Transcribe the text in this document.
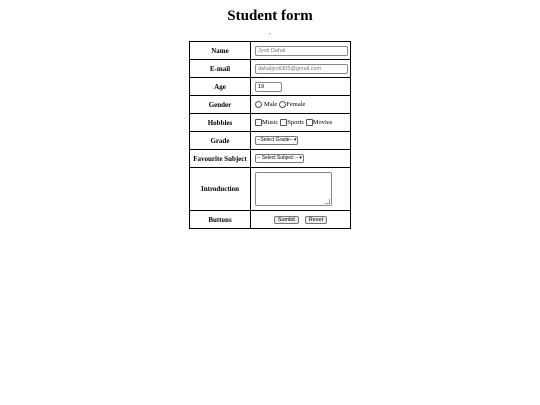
Student form
.
Name	Jyoti Dahal

E-mail	dahaljyoti305@gmail.com

Age	19

Gender	Male Female
Hobbies	Music Sports Movies
Grade	--Select Grade--▾
Favourite Subject	-- Select Subject --▾
Introduction	

Buttons	Sumbit Reset
